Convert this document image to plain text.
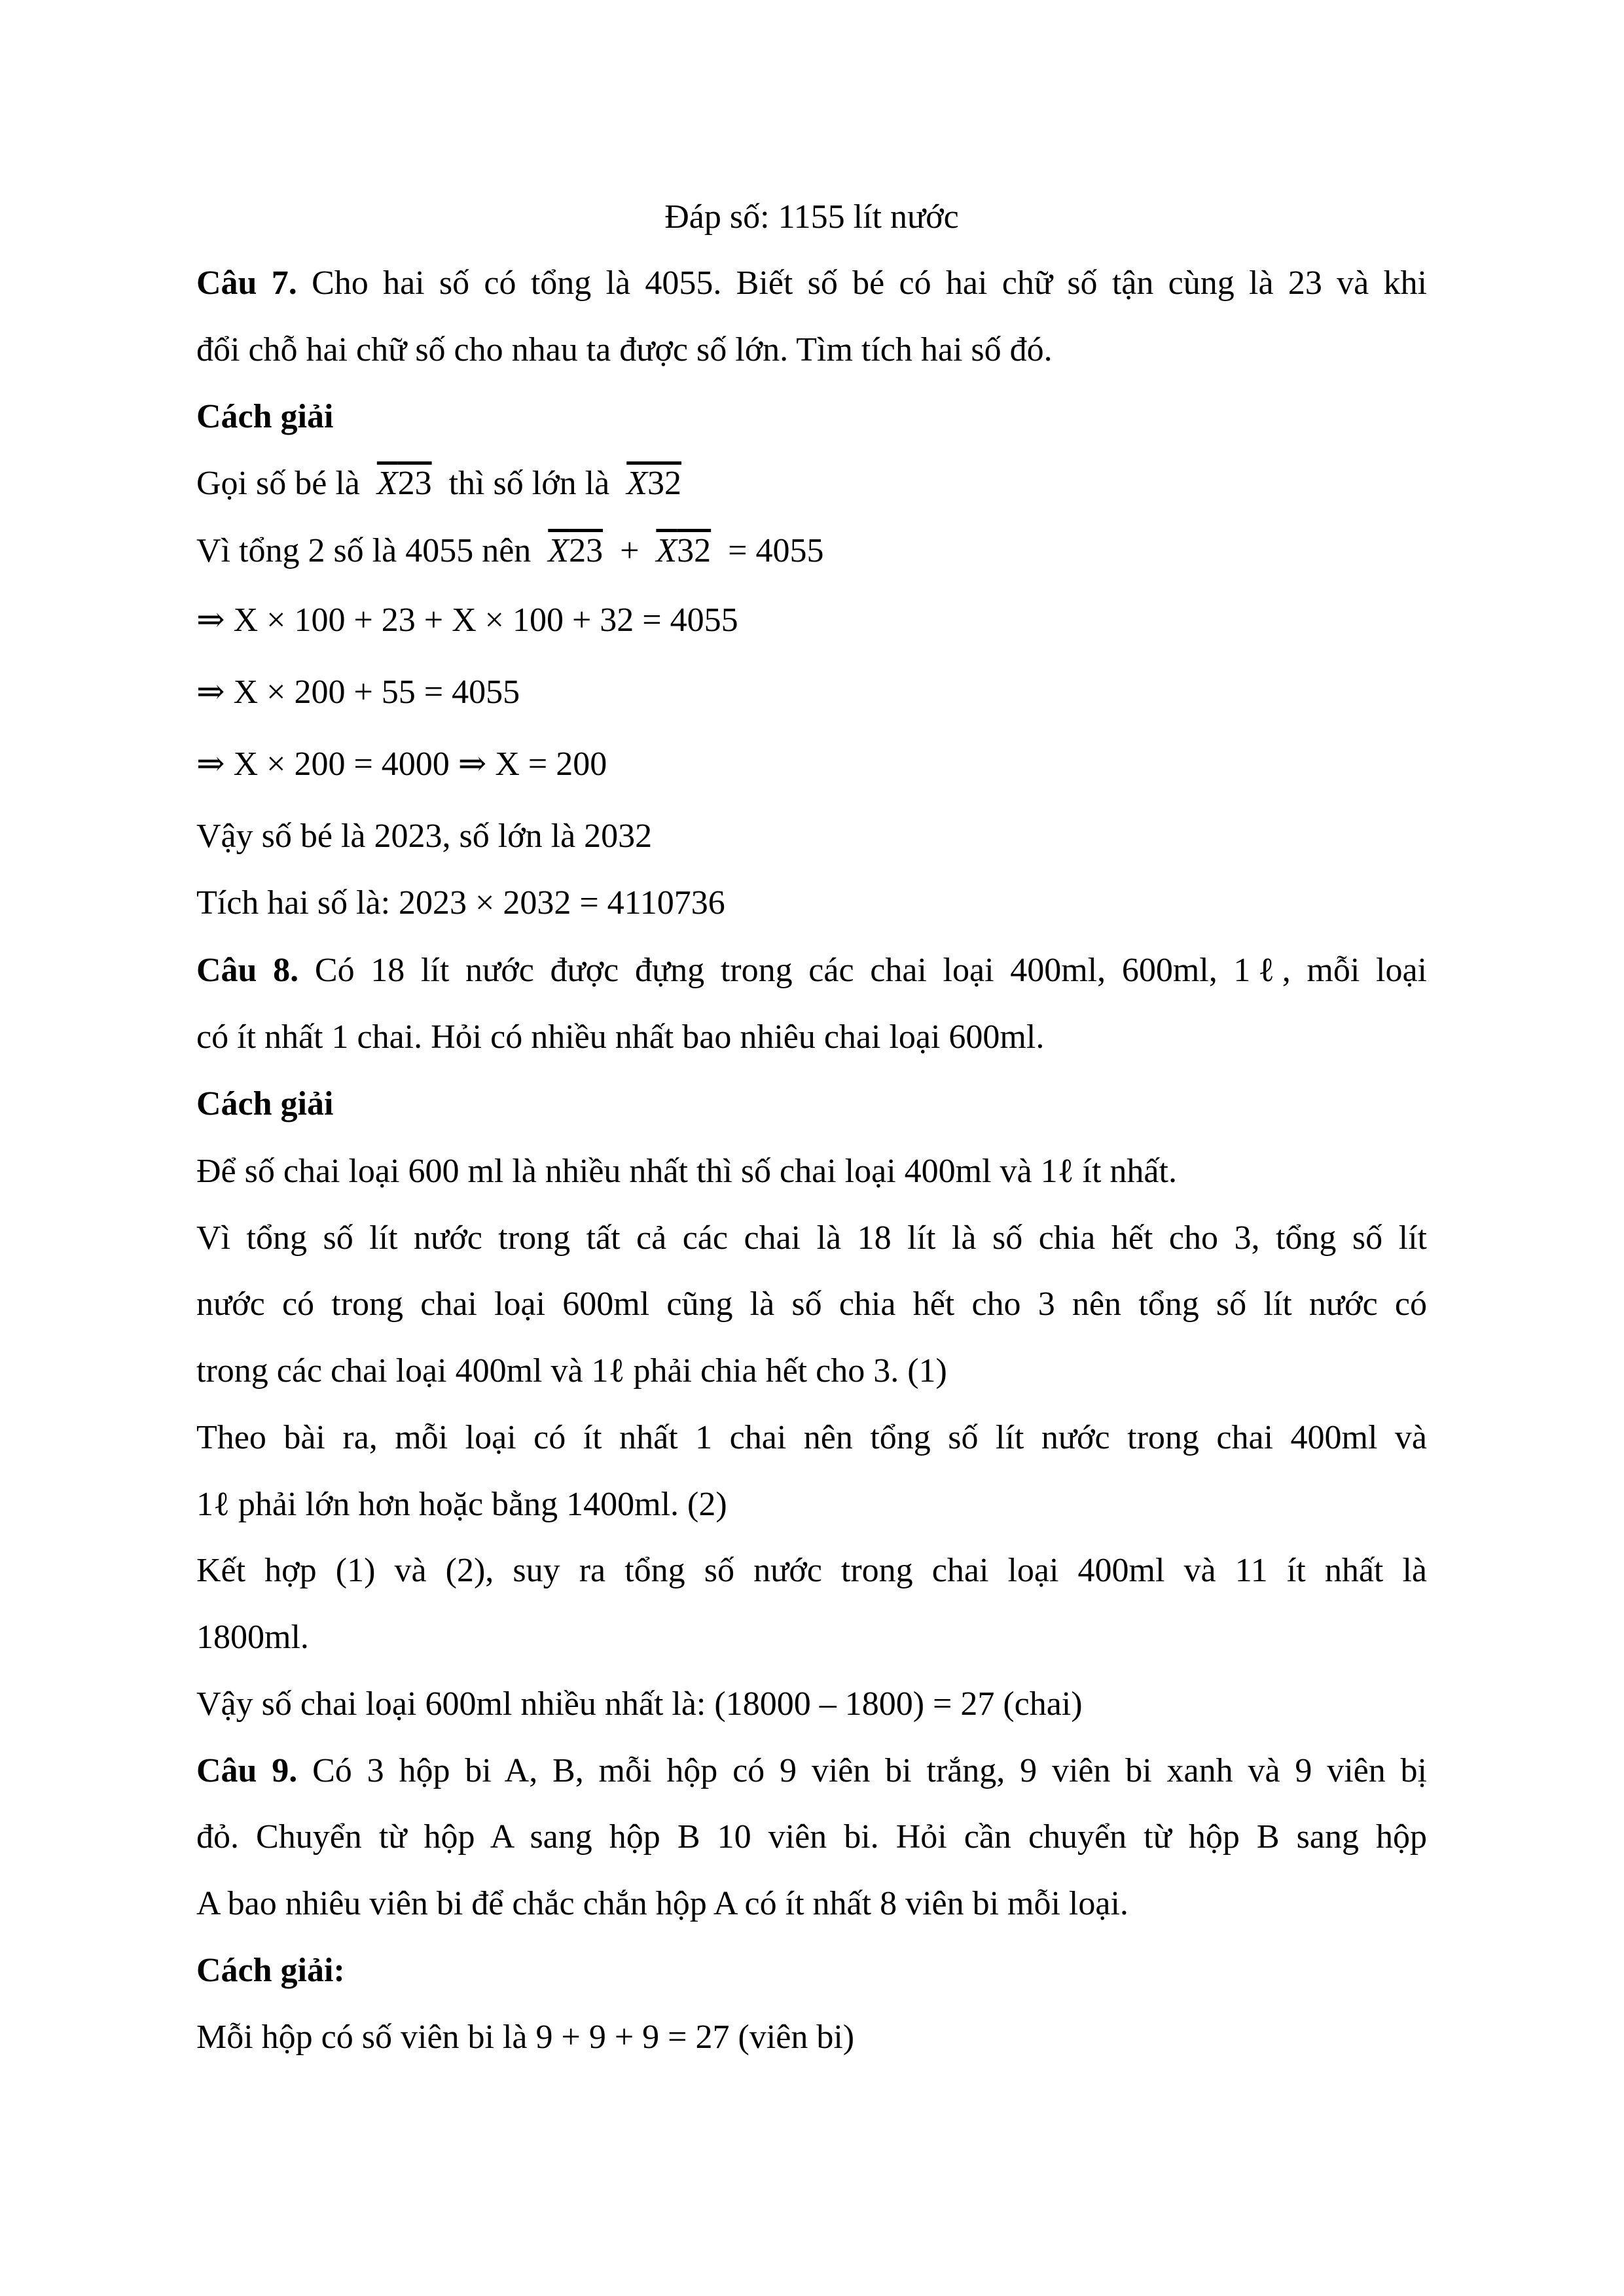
Đáp số: 1155 lít nước
Câu 7. Cho hai số có tổng là 4055. Biết số bé có hai chữ số tận cùng là 23 và khi
đổi chỗ hai chữ số cho nhau ta được số lớn. Tìm tích hai số đó.
Cách giải
Gọi số bé là X23 thì số lớn là X32
Vì tổng 2 số là 4055 nên X23 + X32 = 4055
⇒ X × 100 + 23 + X × 100 + 32 = 4055
⇒ X × 200 + 55 = 4055
⇒ X × 200 = 4000 ⇒ X = 200
Vậy số bé là 2023, số lớn là 2032
Tích hai số là: 2023 × 2032 = 4110736
Câu 8. Có 18 lít nước được đựng trong các chai loại 400ml, 600ml, 1ℓ, mỗi loại
có ít nhất 1 chai. Hỏi có nhiều nhất bao nhiêu chai loại 600ml.
Cách giải
Để số chai loại 600 ml là nhiều nhất thì số chai loại 400ml và 1ℓ ít nhất.
Vì tổng số lít nước trong tất cả các chai là 18 lít là số chia hết cho 3, tổng số lít
nước có trong chai loại 600ml cũng là số chia hết cho 3 nên tổng số lít nước có
trong các chai loại 400ml và 1ℓ phải chia hết cho 3. (1)
Theo bài ra, mỗi loại có ít nhất 1 chai nên tổng số lít nước trong chai 400ml và
1ℓ phải lớn hơn hoặc bằng 1400ml. (2)
Kết hợp (1) và (2), suy ra tổng số nước trong chai loại 400ml và 11 ít nhất là
1800ml.
Vậy số chai loại 600ml nhiều nhất là: (18000 – 1800) = 27 (chai)
Câu 9. Có 3 hộp bi A, B, mỗi hộp có 9 viên bi trắng, 9 viên bi xanh và 9 viên bị
đỏ. Chuyển từ hộp A sang hộp B 10 viên bi. Hỏi cần chuyển từ hộp B sang hộp
A bao nhiêu viên bi để chắc chắn hộp A có ít nhất 8 viên bi mỗi loại.
Cách giải:
Mỗi hộp có số viên bi là 9 + 9 + 9 = 27 (viên bi)
